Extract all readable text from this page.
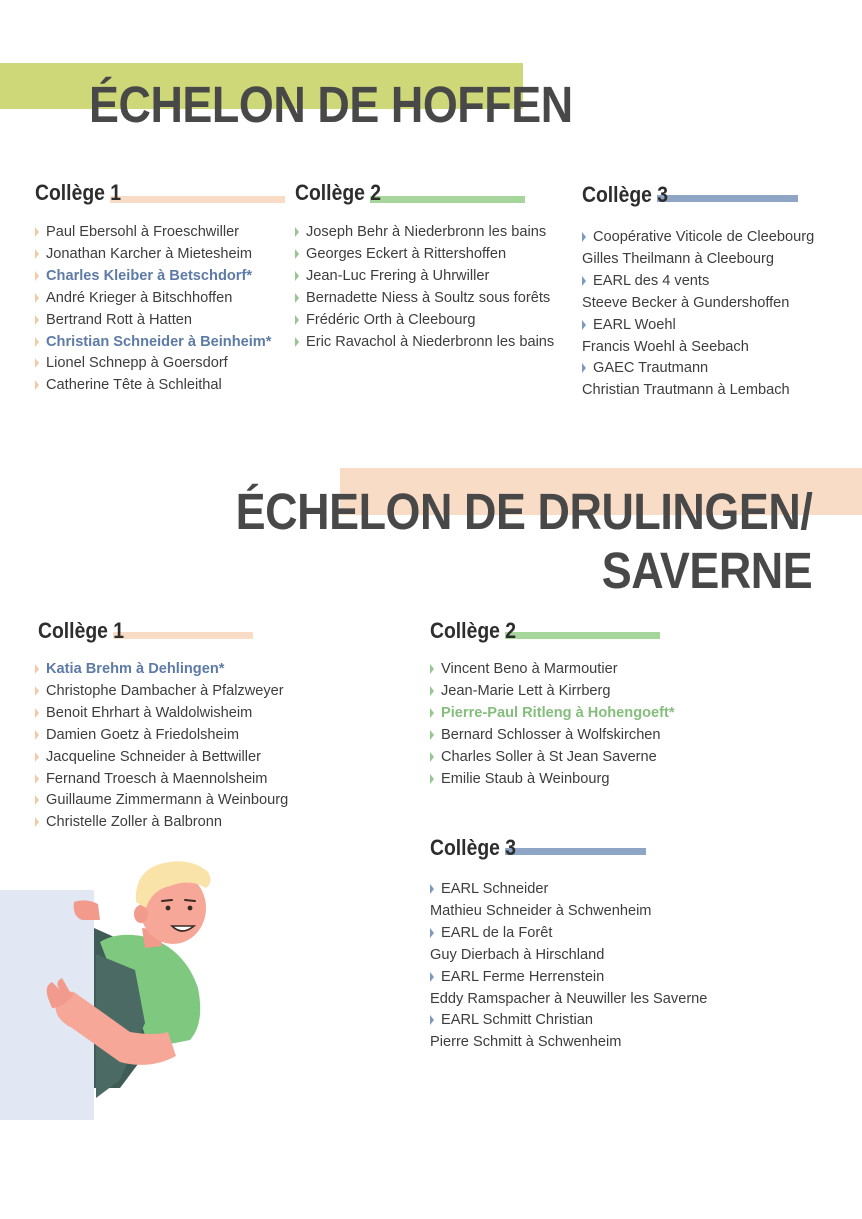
ÉCHELON DE HOFFEN
Collège 1
Paul Ebersohl à Froeschwiller
Jonathan Karcher à Mietesheim
Charles Kleiber à Betschdorf*
André Krieger à Bitschhoffen
Bertrand Rott à Hatten
Christian Schneider à Beinheim*
Lionel Schnepp à Goersdorf
Catherine Tête à Schleithal
Collège 2
Joseph Behr à Niederbronn les bains
Georges Eckert à Rittershoffen
Jean-Luc Frering à Uhrwiller
Bernadette Niess à Soultz sous forêts
Frédéric Orth à Cleebourg
Eric Ravachol à Niederbronn les bains
Collège 3
Coopérative Viticole de Cleebourg
Gilles Theilmann à Cleebourg
EARL des 4 vents
Steeve Becker à Gundershoffen
EARL Woehl
Francis Woehl à Seebach
GAEC Trautmann
Christian Trautmann à Lembach
ÉCHELON DE DRULINGEN/
SAVERNE
Collège 1
Katia Brehm à Dehlingen*
Christophe Dambacher à Pfalzweyer
Benoit Ehrhart à Waldolwisheim
Damien Goetz à Friedolsheim
Jacqueline Schneider à Bettwiller
Fernand Troesch à Maennolsheim
Guillaume Zimmermann à Weinbourg
Christelle Zoller à Balbronn
Collège 2
Vincent Beno à Marmoutier
Jean-Marie Lett à Kirrberg
Pierre-Paul Ritleng à Hohengoeft*
Bernard Schlosser à Wolfskirchen
Charles Soller à St Jean Saverne
Emilie Staub à Weinbourg
Collège 3
EARL Schneider
Mathieu Schneider à Schwenheim
EARL de la Forêt
Guy Dierbach à Hirschland
EARL Ferme Herrenstein
Eddy Ramspacher à Neuwiller les Saverne
EARL Schmitt Christian
Pierre Schmitt à Schwenheim
